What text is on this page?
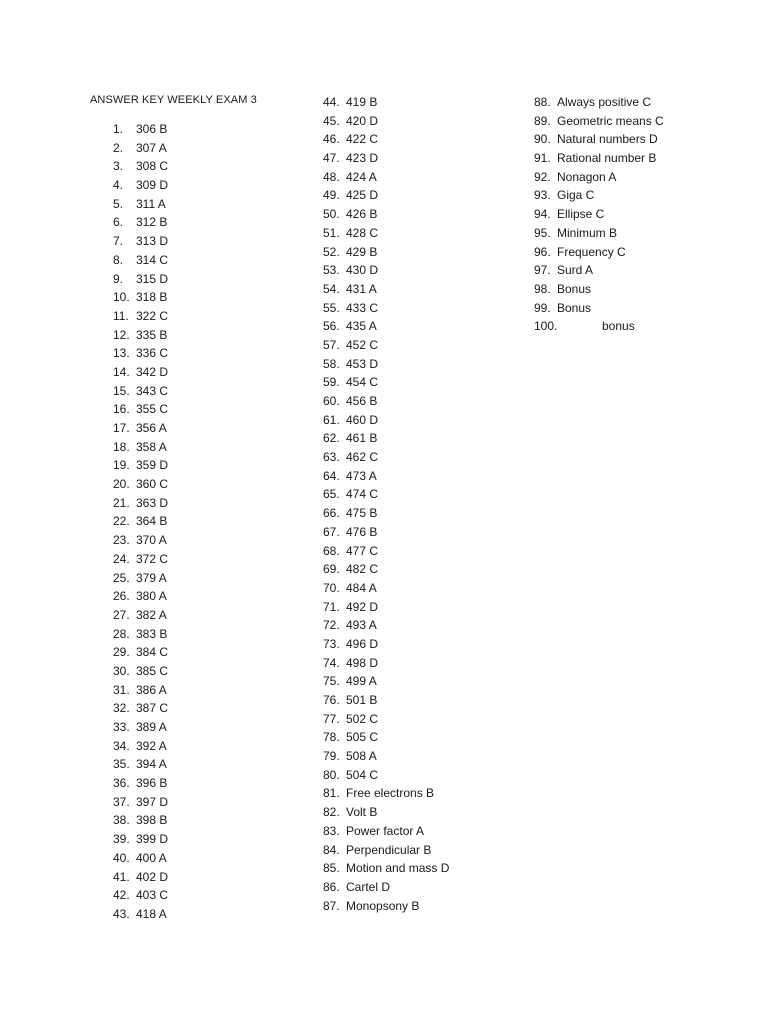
ANSWER KEY WEEKLY EXAM 3
1. 306 B
2. 307 A
3. 308 C
4. 309 D
5. 311 A
6. 312 B
7. 313 D
8. 314 C
9. 315 D
10. 318 B
11. 322 C
12. 335 B
13. 336 C
14. 342 D
15. 343 C
16. 355 C
17. 356 A
18. 358 A
19. 359 D
20. 360 C
21. 363 D
22. 364 B
23. 370 A
24. 372 C
25. 379 A
26. 380 A
27. 382 A
28. 383 B
29. 384 C
30. 385 C
31. 386 A
32. 387 C
33. 389 A
34. 392 A
35. 394 A
36. 396 B
37. 397 D
38. 398 B
39. 399 D
40. 400 A
41. 402 D
42. 403 C
43. 418 A
44. 419 B
45. 420 D
46. 422 C
47. 423 D
48. 424 A
49. 425 D
50. 426 B
51. 428 C
52. 429 B
53. 430 D
54. 431 A
55. 433 C
56. 435 A
57. 452 C
58. 453 D
59. 454 C
60. 456 B
61. 460 D
62. 461 B
63. 462 C
64. 473 A
65. 474 C
66. 475 B
67. 476 B
68. 477 C
69. 482 C
70. 484 A
71. 492 D
72. 493 A
73. 496 D
74. 498 D
75. 499 A
76. 501 B
77. 502 C
78. 505 C
79. 508 A
80. 504 C
81. Free electrons B
82. Volt B
83. Power factor A
84. Perpendicular B
85. Motion and mass D
86. Cartel D
87. Monopsony B
88. Always positive C
89. Geometric means C
90. Natural numbers D
91. Rational number B
92. Nonagon A
93. Giga C
94. Ellipse C
95. Minimum B
96. Frequency C
97. Surd A
98. Bonus
99. Bonus
100.	bonus
